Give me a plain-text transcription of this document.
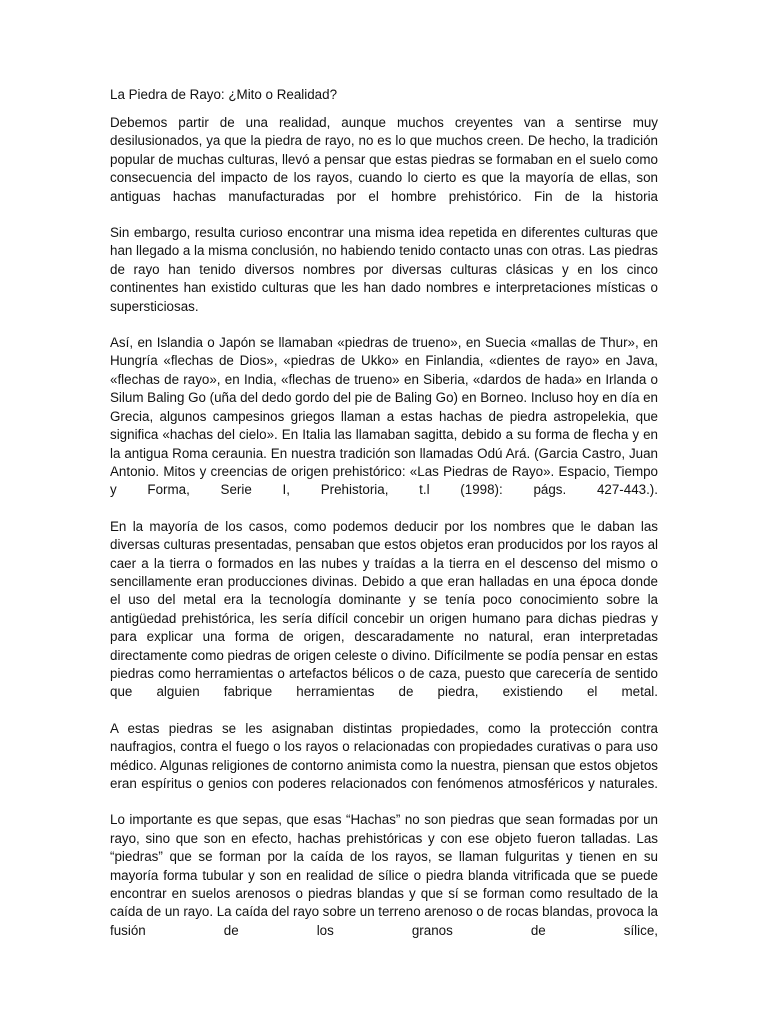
La Piedra de Rayo: ¿Mito o Realidad?

Debemos partir de una realidad, aunque muchos creyentes van a sentirse muy desilusionados, ya que la piedra de rayo, no es lo que muchos creen. De hecho, la tradición popular de muchas culturas, llevó a pensar que estas piedras se formaban en el suelo como consecuencia del impacto de los rayos, cuando lo cierto es que la mayoría de ellas, son antiguas hachas manufacturadas por el hombre prehistórico. Fin de la historia

Sin embargo, resulta curioso encontrar una misma idea repetida en diferentes culturas que han llegado a la misma conclusión, no habiendo tenido contacto unas con otras. Las piedras de rayo han tenido diversos nombres por diversas culturas clásicas y en los cinco continentes han existido culturas que les han dado nombres e interpretaciones místicas o supersticiosas.

Así, en Islandia o Japón se llamaban «piedras de trueno», en Suecia «mallas de Thur», en Hungría «flechas de Dios», «piedras de Ukko» en Finlandia, «dientes de rayo» en Java, «flechas de rayo», en India, «flechas de trueno» en Siberia, «dardos de hada» en Irlanda o Silum Baling Go (uña del dedo gordo del pie de Baling Go) en Borneo. Incluso hoy en día en Grecia, algunos campesinos griegos llaman a estas hachas de piedra astropelekia, que significa «hachas del cielo». En Italia las llamaban sagitta, debido a su forma de flecha y en la antigua Roma ceraunia. En nuestra tradición son llamadas Odú Ará. (Garcia Castro, Juan Antonio. Mitos y creencias de origen prehistórico: «Las Piedras de Rayo». Espacio, Tiempo y Forma, Serie I, Prehistoria, t.l (1998): págs. 427-443.).

En la mayoría de los casos, como podemos deducir por los nombres que le daban las diversas culturas presentadas, pensaban que estos objetos eran producidos por los rayos al caer a la tierra o formados en las nubes y traídas a la tierra en el descenso del mismo o sencillamente eran producciones divinas. Debido a que eran halladas en una época donde el uso del metal era la tecnología dominante y se tenía poco conocimiento sobre la antigüedad prehistórica, les sería difícil concebir un origen humano para dichas piedras y para explicar una forma de origen, descaradamente no natural, eran interpretadas directamente como piedras de origen celeste o divino. Difícilmente se podía pensar en estas piedras como herramientas o artefactos bélicos o de caza, puesto que carecería de sentido que alguien fabrique herramientas de piedra, existiendo el metal.

A estas piedras se les asignaban distintas propiedades, como la protección contra naufragios, contra el fuego o los rayos o relacionadas con propiedades curativas o para uso médico. Algunas religiones de contorno animista como la nuestra, piensan que estos objetos eran espíritus o genios con poderes relacionados con fenómenos atmosféricos y naturales.

Lo importante es que sepas, que esas “Hachas” no son piedras que sean formadas por un rayo, sino que son en efecto, hachas prehistóricas y con ese objeto fueron talladas. Las “piedras” que se forman por la caída de los rayos, se llaman fulguritas y tienen en su mayoría forma tubular y son en realidad de sílice o piedra blanda vitrificada que se puede encontrar en suelos arenosos o piedras blandas y que sí se forman como resultado de la caída de un rayo. La caída del rayo sobre un terreno arenoso o de rocas blandas, provoca la fusión de los granos de sílice,
